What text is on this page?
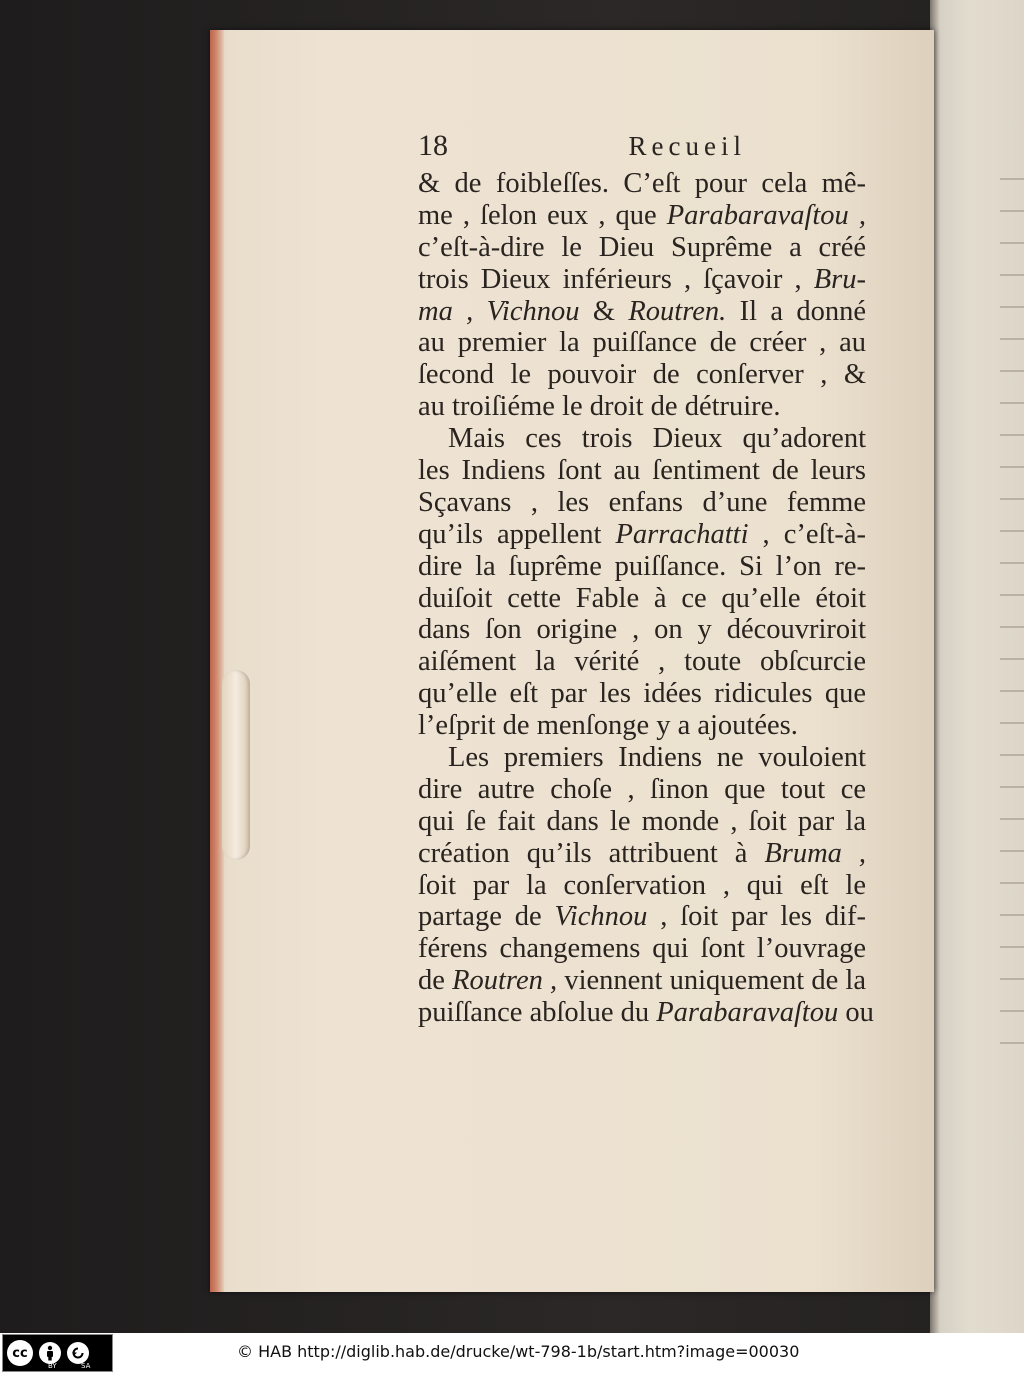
18	Recueil
& de foibleſſes. C’eſt pour cela mê-
me , ſelon eux , que Parabaravaſtou ,
c’eſt-à-dire le Dieu Suprême a créé
trois Dieux inférieurs , ſçavoir , Bru-
ma , Vichnou & Routren. Il a donné
au premier la puiſſance de créer , au
ſecond le pouvoir de conſerver , &
au troiſiéme le droit de détruire.
Mais ces trois Dieux qu’adorent
les Indiens ſont au ſentiment de leurs
Sçavans , les enfans d’une femme
qu’ils appellent Parrachatti , c’eſt-à-
dire la ſuprême puiſſance. Si l’on re-
duiſoit cette Fable à ce qu’elle étoit
dans ſon origine , on y découvriroit
aiſément la vérité , toute obſcurcie
qu’elle eſt par les idées ridicules que
l’eſprit de menſonge y a ajoutées.
Les premiers Indiens ne vouloient
dire autre choſe , ſinon que tout ce
qui ſe fait dans le monde , ſoit par la
création qu’ils attribuent à Bruma ,
ſoit par la conſervation , qui eſt le
partage de Vichnou , ſoit par les dif-
férens changemens qui ſont l’ouvrage
de Routren , viennent uniquement de la
puiſſance abſolue du Parabaravaſtou ou
cc
BY	SA
© HAB http://diglib.hab.de/drucke/wt-798-1b/start.htm?image=00030
